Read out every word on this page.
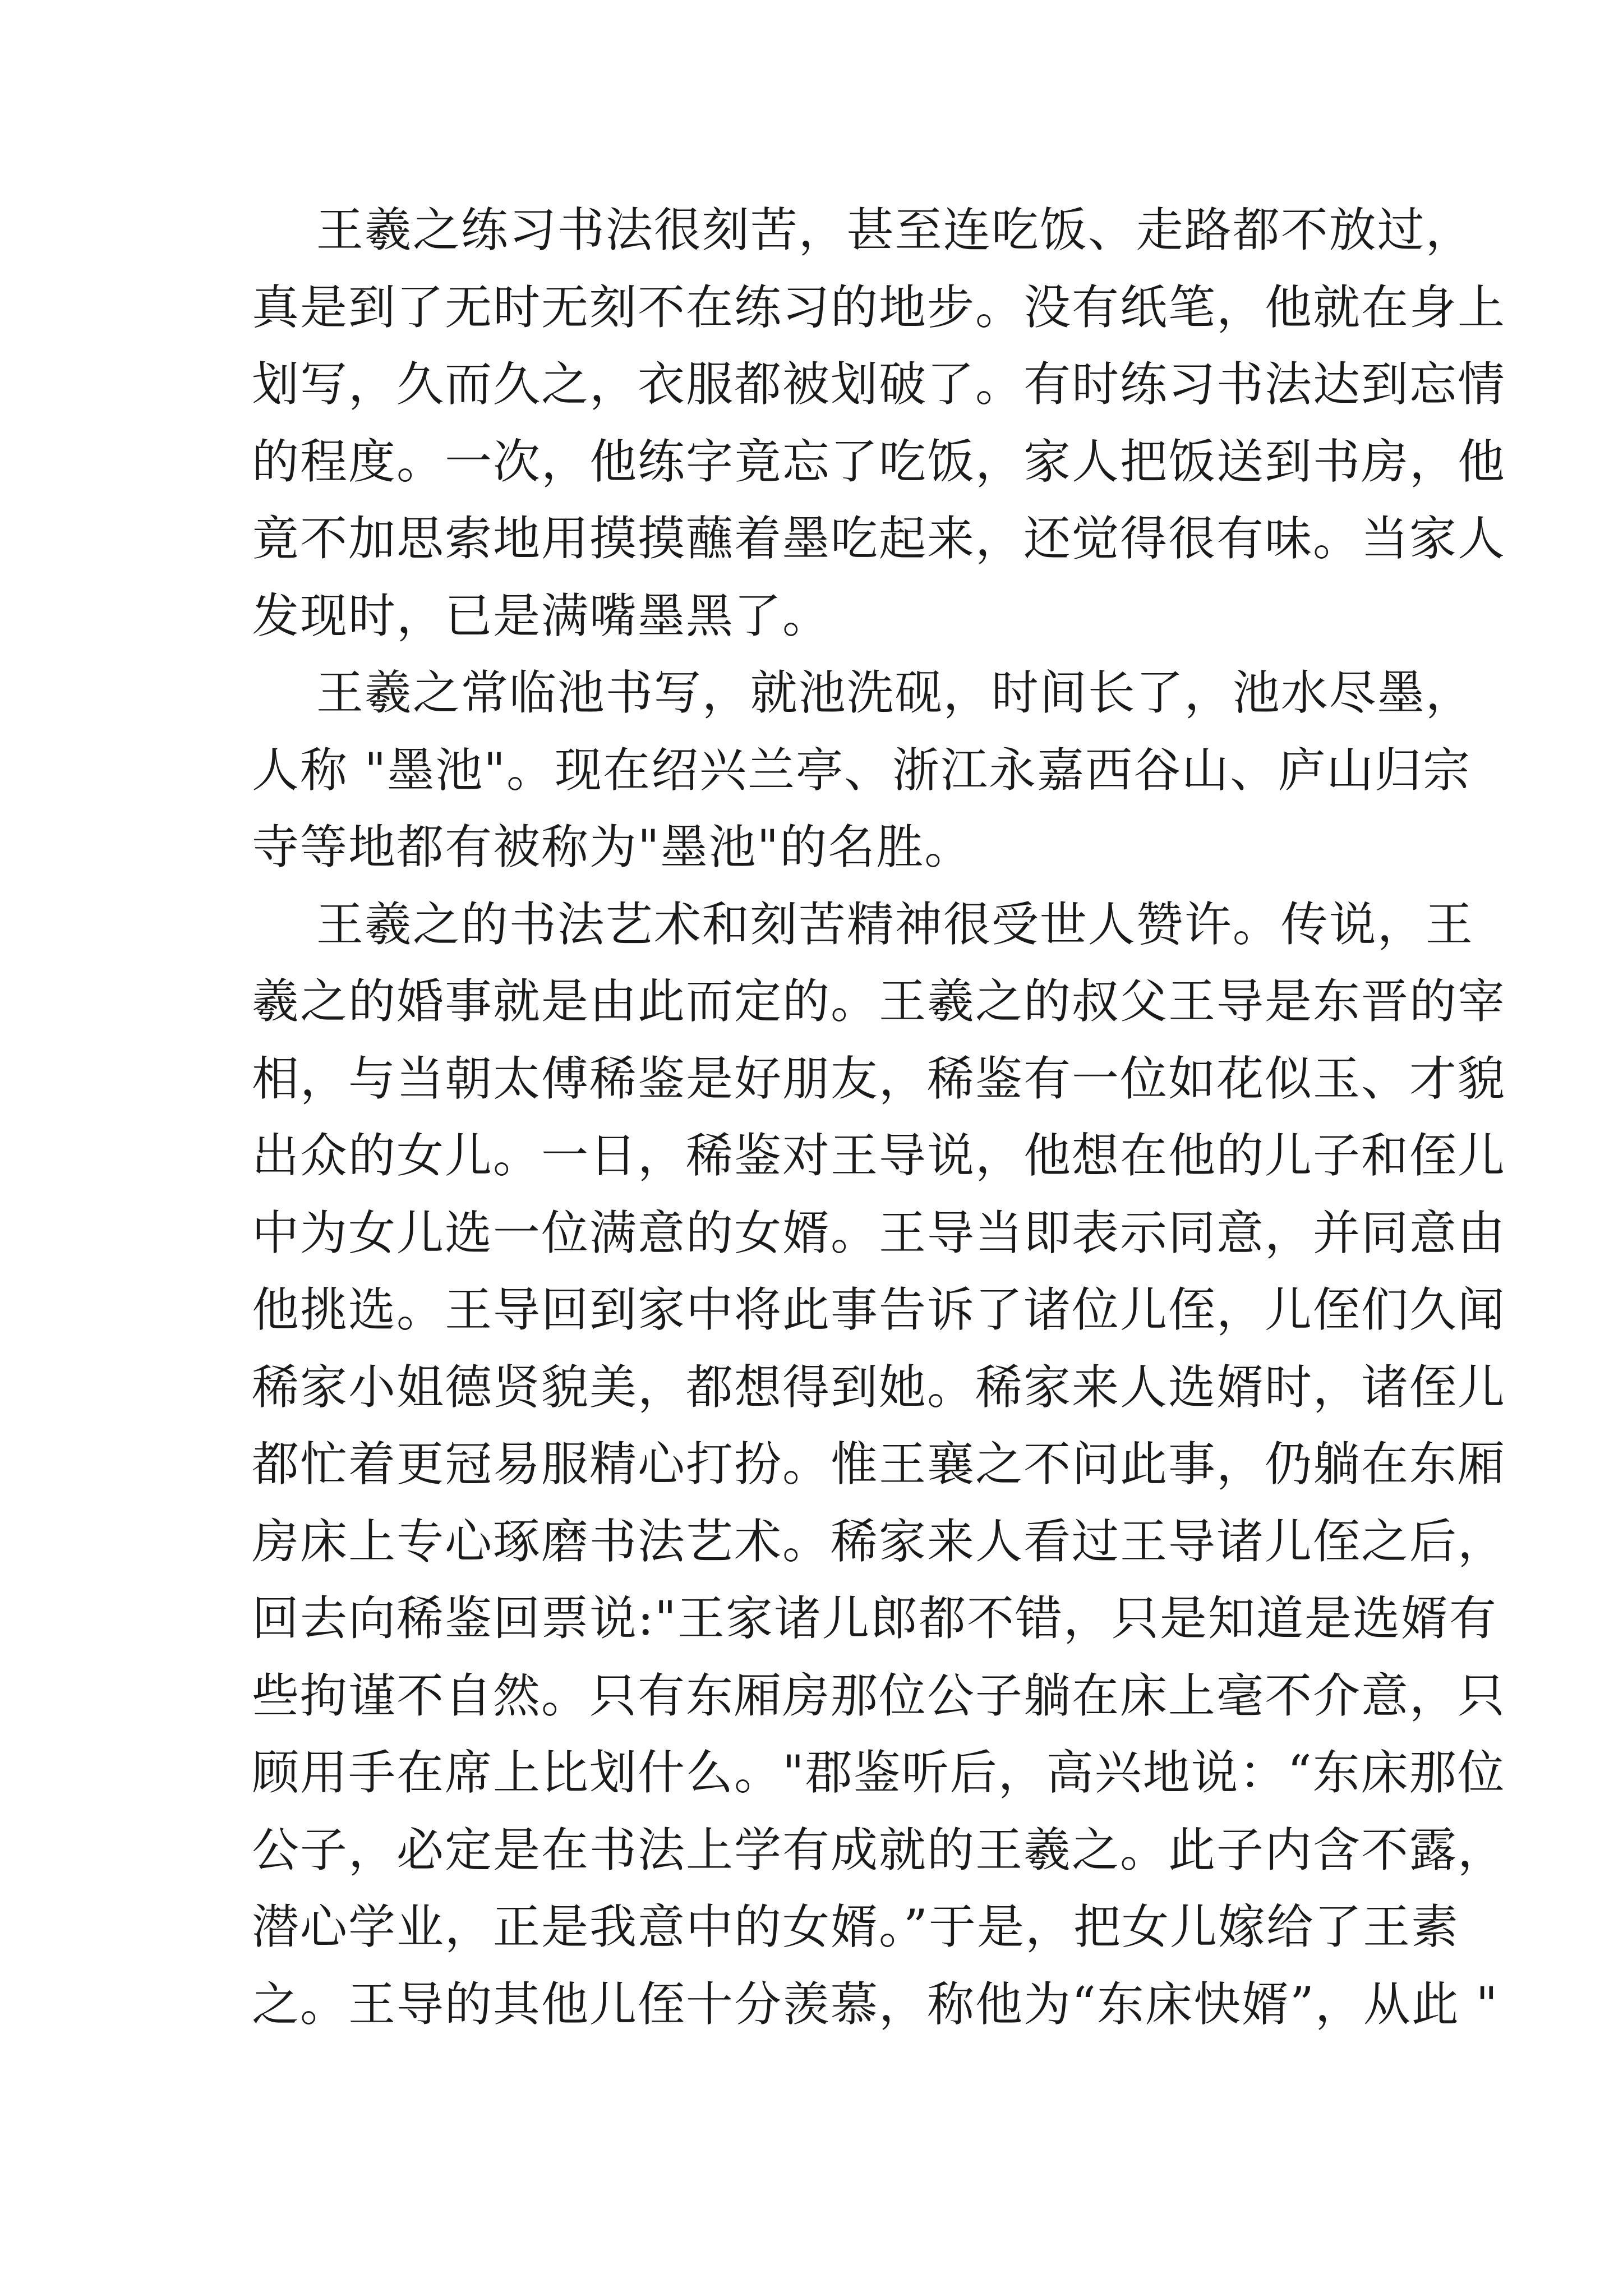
王羲之练习书法很刻苦，甚至连吃饭、走路都不放过，
真是到了无时无刻不在练习的地步。没有纸笔，他就在身上
划写，久而久之，衣服都被划破了。有时练习书法达到忘情
的程度。一次，他练字竟忘了吃饭，家人把饭送到书房，他
竟不加思索地用摸摸蘸着墨吃起来，还觉得很有味。当家人
发现时，已是满嘴墨黑了。
王羲之常临池书写，就池洗砚，时间长了，池水尽墨，
人称 "墨池"。现在绍兴兰亭、浙江永嘉西谷山、庐山归宗
寺等地都有被称为"墨池"的名胜。
王羲之的书法艺术和刻苦精神很受世人赞许。传说，王
羲之的婚事就是由此而定的。王羲之的叔父王导是东晋的宰
相，与当朝太傅稀鉴是好朋友，稀鉴有一位如花似玉、才貌
出众的女儿。一日，稀鉴对王导说，他想在他的儿子和侄儿
中为女儿选一位满意的女婿。王导当即表示同意，并同意由
他挑选。王导回到家中将此事告诉了诸位儿侄，儿侄们久闻
稀家小姐德贤貌美，都想得到她。稀家来人选婿时，诸侄儿
都忙着更冠易服精心打扮。惟王襄之不问此事，仍躺在东厢
房床上专心琢磨书法艺术。稀家来人看过王导诸儿侄之后，
回去向稀鉴回票说:"王家诸儿郎都不错，只是知道是选婿有
些拘谨不自然。只有东厢房那位公子躺在床上毫不介意，只
顾用手在席上比划什么。"郡鉴听后，高兴地说：“东床那位
公子，必定是在书法上学有成就的王羲之。此子内含不露，
潜心学业，正是我意中的女婿。”于是，把女儿嫁给了王素
之。王导的其他儿侄十分羡慕，称他为“东床快婿”，从此 "
